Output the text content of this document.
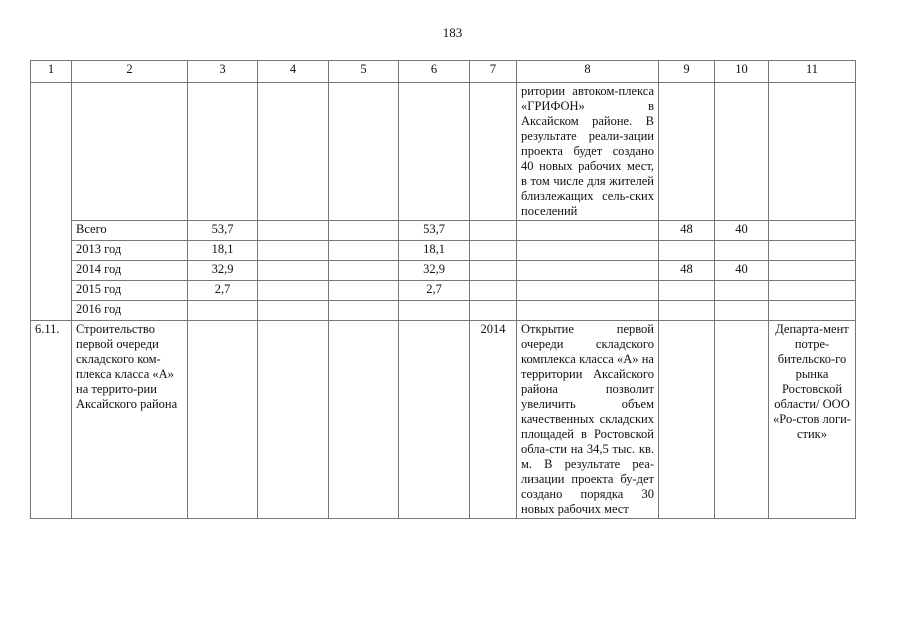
183
1	2	3	4	5	6	7	8	9	10	11
							ритории автоком-плекса «ГРИФОН» в Аксайском районе. В результате реали-зации проекта будет создано 40 новых рабочих мест, в том числе для жителей близлежащих сель-ских поселений			
	Всего	53,7			53,7			48	40	
	2013 год	18,1			18,1					
	2014 год	32,9			32,9			48	40	
	2015 год	2,7			2,7					
	2016 год									
6.11.	Строительство первой очереди складского ком-плекса класса «А» на террито-рии Аксайского района					2014	Открытие первой очереди складского комплекса класса «А» на территории Аксайского района позволит увеличить объем качественных складских площадей в Ростовской обла-сти на 34,5 тыс. кв. м. В результате реа-лизации проекта бу-дет создано порядка 30 новых рабочих мест			Департа-мент потре-бительско-го рынка Ростовской области/ ООО «Ро-стов логи-стик»
